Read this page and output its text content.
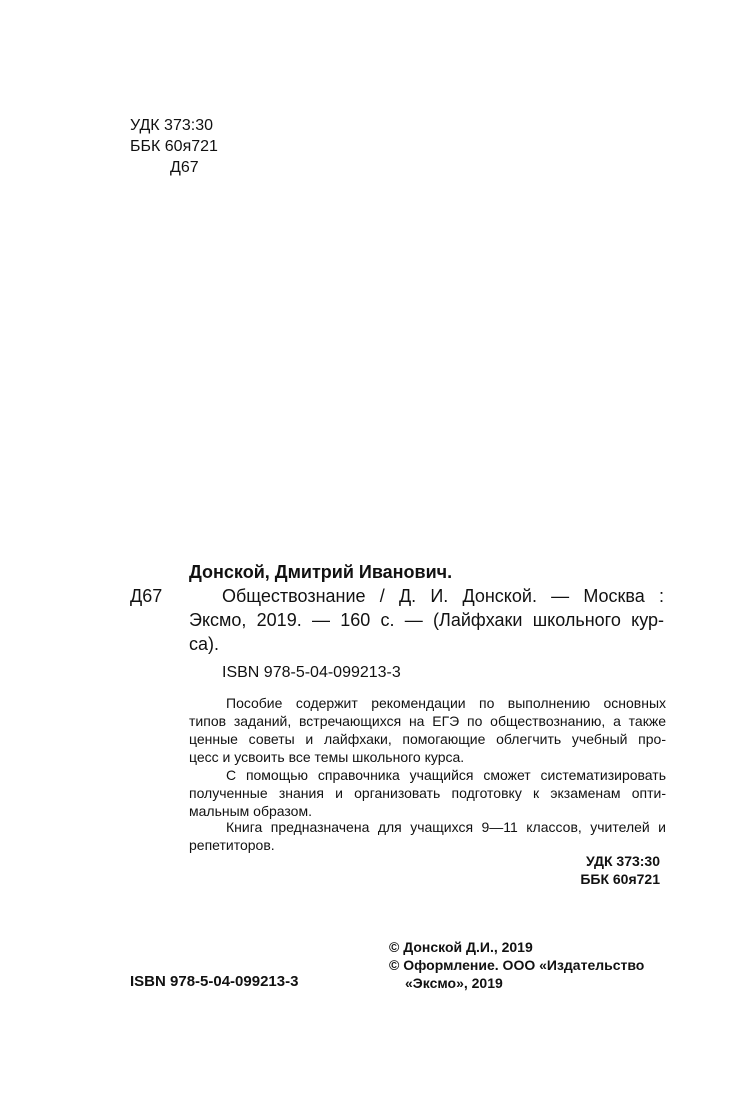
УДК 373:30
ББК 60я721
Д67
Донской, Дмитрий Иванович.
Д67	Обществознание / Д. И. Донской. — Москва :
Эксмо, 2019. — 160 с. — (Лайфхаки школьного кур-
са).
ISBN 978-5-04-099213-3
Пособие содержит рекомендации по выполнению основных
типов заданий, встречающихся на ЕГЭ по обществознанию, а также
ценные советы и лайфхаки, помогающие облегчить учебный про-
цесс и усвоить все темы школьного курса.
С помощью справочника учащийся сможет систематизировать
полученные знания и организовать подготовку к экзаменам опти-
мальным образом.
Книга предназначена для учащихся 9—11 классов, учителей и
репетиторов.
УДК 373:30
ББК 60я721
ISBN 978-5-04-099213-3
© Донской Д.И., 2019
© Оформление. ООО «Издательство
«Эксмо», 2019
